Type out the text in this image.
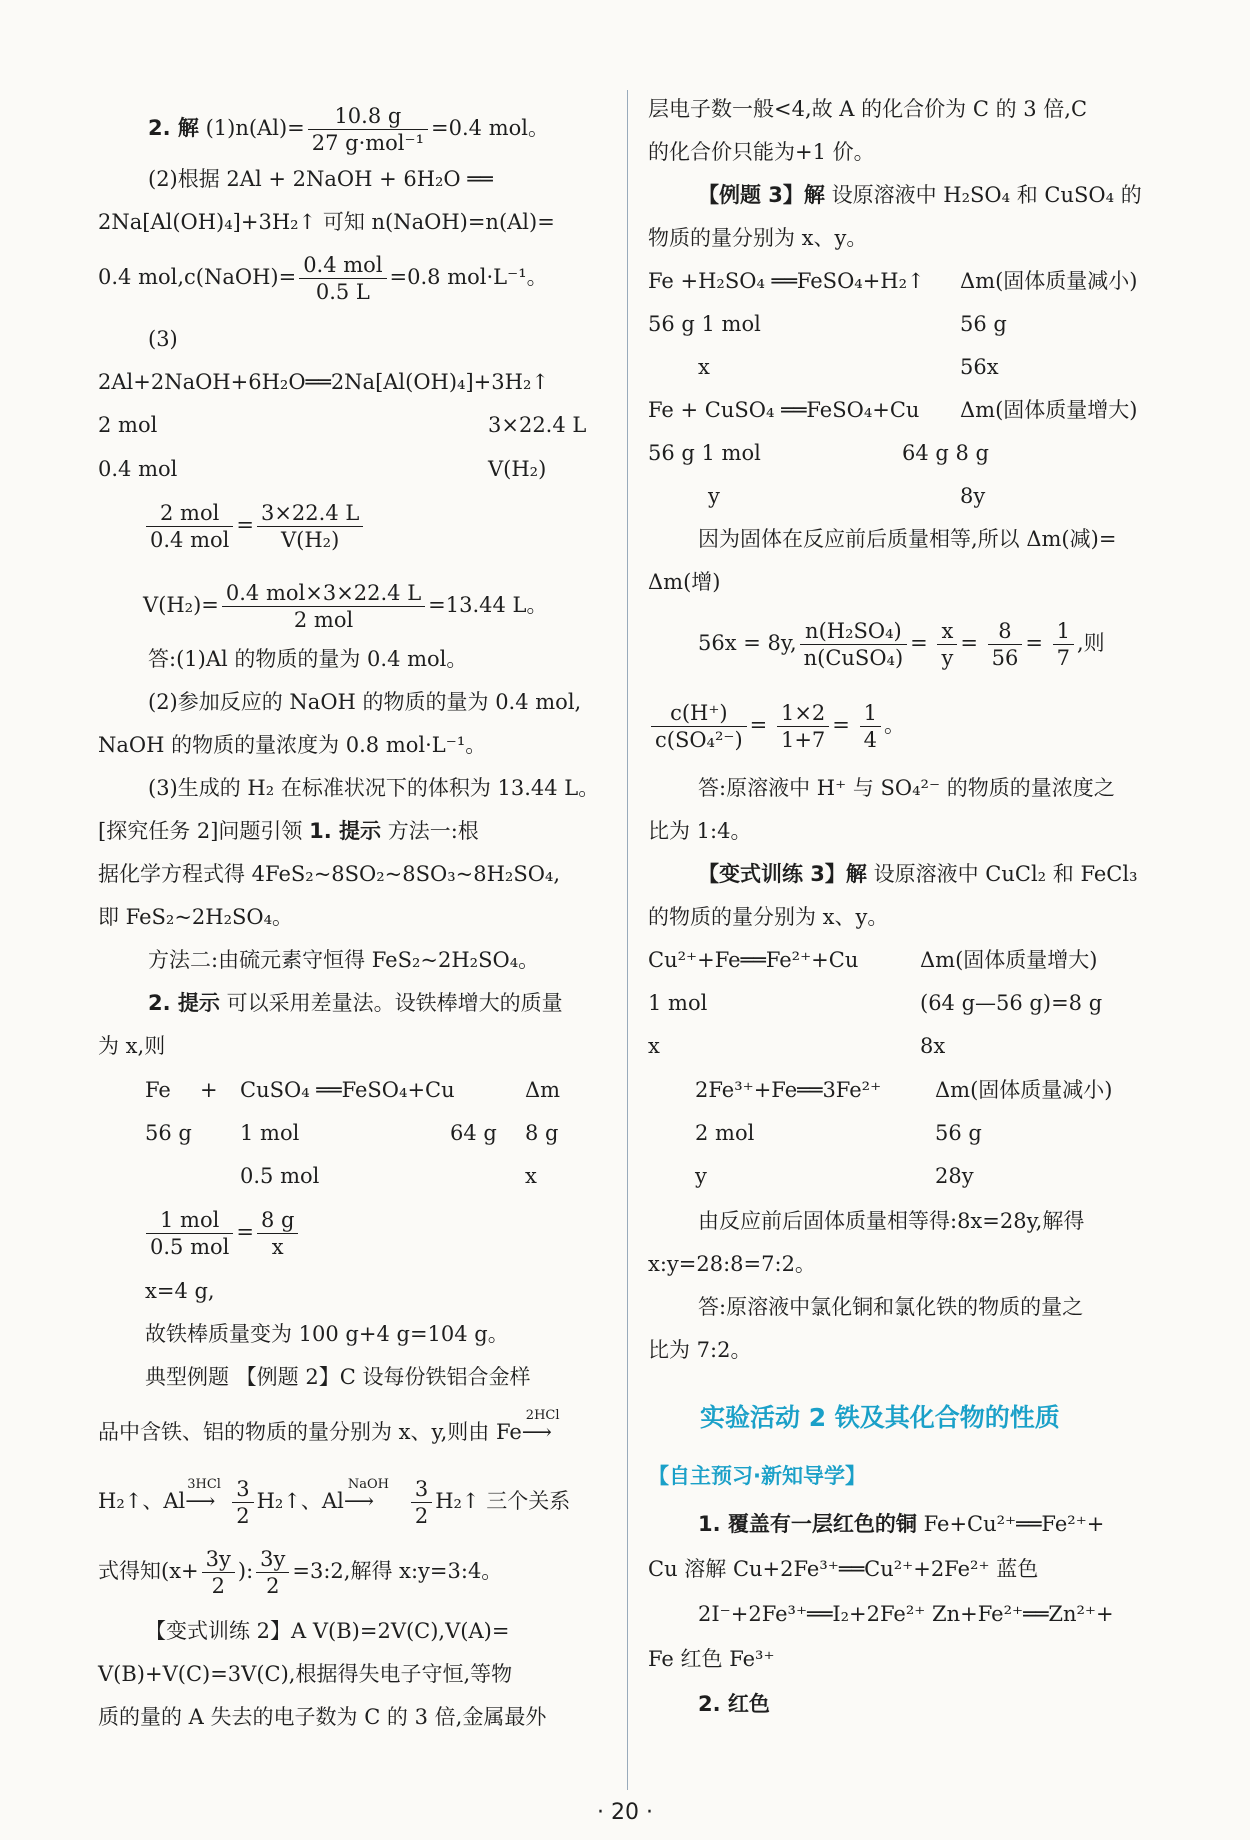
2. 解 $(1)n(Al)= \frac{10.8 g}{\text{27 g·mol⁻¹}} =0.4$ mol。
(2)根据 2Al + 2NaOH + 6H₂O ══
2Na[Al(OH)₄]+3H₂↑ 可知 n(NaOH)=n(Al)=
0.4 mol,c(NaOH)= $\frac{\text{0.4 mol}}{0.5 L} =0.8$ mol·L⁻¹。
(3)
2Al+2NaOH+6H₂O══2Na[Al(OH)₄]+3H₂↑
2 mol	3×22.4 L
0.4 mol	V(H₂)
$\frac{\text{2 mol}}{\text{0.4 mol}} = \frac{3\times 22.4 L}{\text{V(H₂)}}$
$V(H_2)= \frac{\text{0.4 mol×3×22.4 L}}{\text{2 mol}} =13.44$ L。
答:(1)Al 的物质的量为 0.4 mol。
(2)参加反应的 NaOH 的物质的量为 0.4 mol,
NaOH 的物质的量浓度为 0.8 mol·L⁻¹。
(3)生成的 H₂ 在标准状况下的体积为 13.44 L。
[探究任务 2]问题引领 1. 提示 方法一:根
据化学方程式得 4FeS₂~8SO₂~8SO₃~8H₂SO₄,
即 FeS₂~2H₂SO₄。
方法二:由硫元素守恒得 FeS₂~2H₂SO₄。
2. 提示 可以采用差量法。设铁棒增大的质量
为 x,则
Fe + CuSO₄ ══FeSO₄+Cu	Δm
56 g 1 mol	64 g 8 g
0.5 mol	x
$\frac{\text{1 mol}}{\text{0.5 mol}} = \frac{8 g}{x}$
x=4 g,
故铁棒质量变为 100 g+4 g=104 g。
典型例题 【例题 2】C 设每份铁铝合金样
品中含铁、铝的物质的量分别为 x、y,则由 Fe
2HCl
⟶
H₂↑、Al
3HCl
⟶ $\frac{3}{2}$ H₂↑、Al
NaOH
⟶ $\frac{3}{2}$ H₂↑ 三个关系
式得知($x+ \frac{3y}{2}$ ): $\frac{3y}{2}$ =3:2,解得 x:y=3:4。
【变式训练 2】A V(B)=2V(C),V(A)=
V(B)+V(C)=3V(C),根据得失电子守恒,等物
质的量的 A 失去的电子数为 C 的 3 倍,金属最外
层电子数一般<4,故 A 的化合价为 C 的 3 倍,C
的化合价只能为+1 价。
【例题 3】解 设原溶液中 H₂SO₄ 和 CuSO₄ 的
物质的量分别为 x、y。
Fe +H₂SO₄ ══FeSO₄+H₂↑ Δm(固体质量减小)
56 g 1 mol	56 g
x	56x
Fe + CuSO₄ ══FeSO₄+Cu Δm(固体质量增大)
56 g 1 mol	64 g 8 g
y	8y
因为固体在反应前后质量相等,所以 Δm(减)=
Δm(增)
56x = 8y, $\frac{\text{n(H₂SO₄)}}{\text{n(CuSO₄)}} = \frac{x}{y} = \frac{8}{56} = \frac{1}{7}$ ,则
$\frac{c(H^+)}{\text{c(SO₄²⁻)}} = \frac{1\times 2}{1+7} = \frac{1}{4}$ 。
答:原溶液中 H⁺ 与 SO₄²⁻ 的物质的量浓度之
比为 1:4。
【变式训练 3】解 设原溶液中 CuCl₂ 和 FeCl₃
的物质的量分别为 x、y。
Cu²⁺+Fe══Fe²⁺+Cu	Δm(固体质量增大)
1 mol	(64 g—56 g)=8 g
x	8x
2Fe³⁺+Fe══3Fe²⁺	Δm(固体质量减小)
2 mol	56 g
y	28y
由反应前后固体质量相等得:8x=28y,解得
x:y=28:8=7:2。
答:原溶液中氯化铜和氯化铁的物质的量之
比为 7:2。
实验活动 2 铁及其化合物的性质
【自主预习·新知导学】
1. 覆盖有一层红色的铜 Fe+Cu²⁺══Fe²⁺+
Cu 溶解 Cu+2Fe³⁺══Cu²⁺+2Fe²⁺ 蓝色
2I⁻+2Fe³⁺══I₂+2Fe²⁺ Zn+Fe²⁺══Zn²⁺+
Fe 红色 Fe³⁺
2. 红色
· 20 ·
